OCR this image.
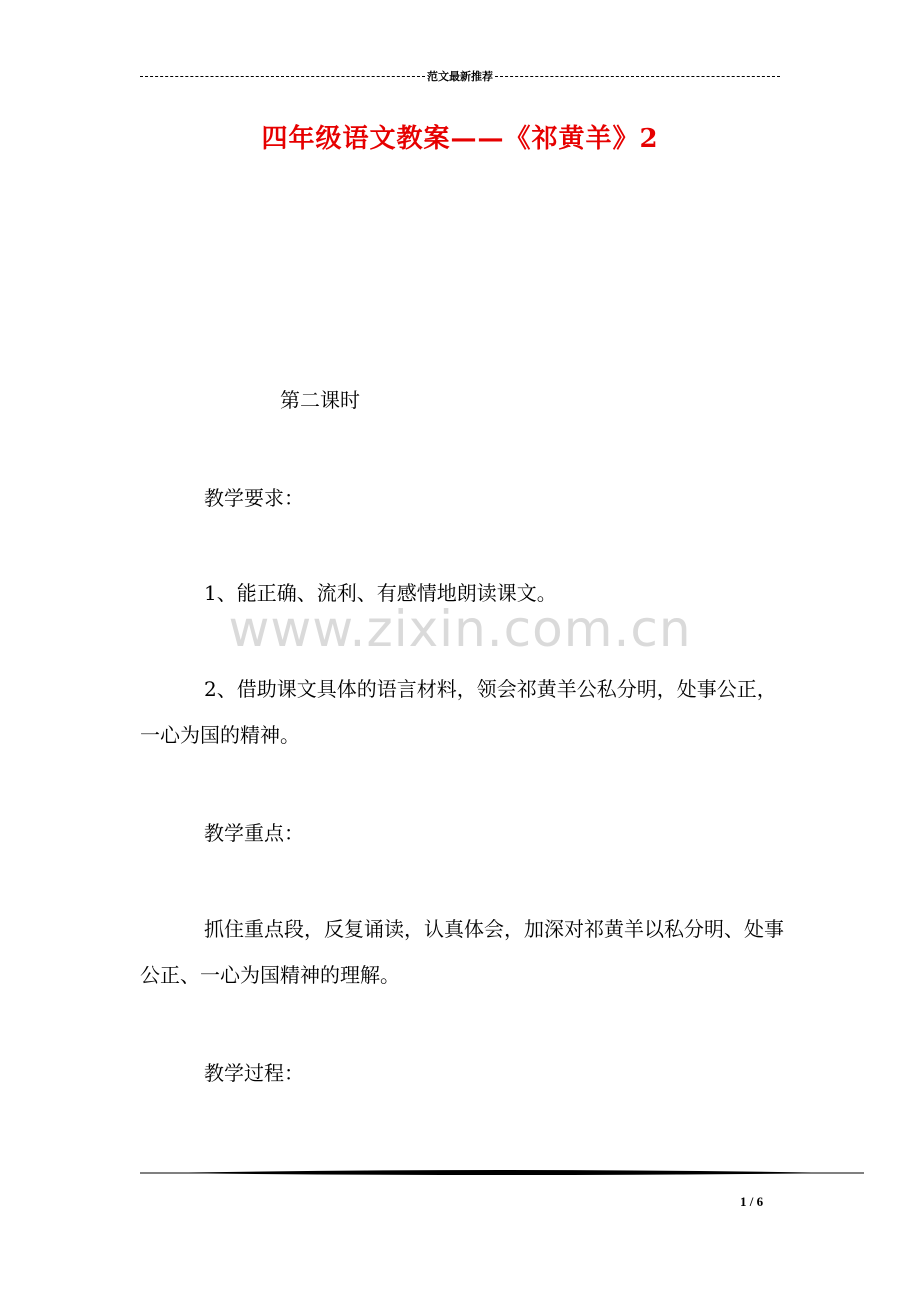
范文最新推荐
四年级语文教案——《祁黄羊》2
第二课时
教学要求：
1、能正确、流利、有感情地朗读课文。
www.zixin.com.cn
2、借助课文具体的语言材料，领会祁黄羊公私分明，处事公正，一心为国的精神。
教学重点：
抓住重点段，反复诵读，认真体会，加深对祁黄羊以私分明、处事公正、一心为国精神的理解。
教学过程：
1 / 6
